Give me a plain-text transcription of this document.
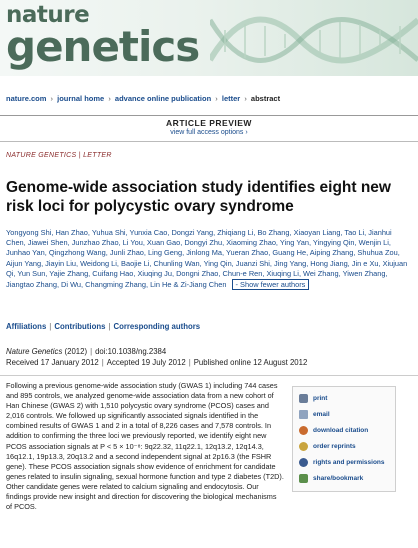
nature
genetics
nature.com › journal home › advance online publication › letter › abstract
ARTICLE PREVIEW
view full access options ›
NATURE GENETICS | LETTER
Genome-wide association study identifies eight new risk loci for polycystic ovary syndrome
Yongyong Shi, Han Zhao, Yuhua Shi, Yunxia Cao, Dongzi Yang, Zhiqiang Li, Bo Zhang, Xiaoyan Liang, Tao Li, Jianhui Chen, Jiawei Shen, Junzhao Zhao, Li You, Xuan Gao, Dongyi Zhu, Xiaoming Zhao, Ying Yan, Yingying Qin, Wenjin Li, Junhao Yan, Qingzhong Wang, Junli Zhao, Ling Geng, Jinlong Ma, Yueran Zhao, Guang He, Aiping Zhang, Shuhua Zou, Aijun Yang, Jiayin Liu, Weidong Li, Baojie Li, Chunling Wan, Ying Qin, Juanzi Shi, Jing Yang, Hong Jiang, Jin e Xu, Xiujuan Qi, Yun Sun, Yajie Zhang, Cuifang Hao, Xiuqing Ju, Dongni Zhao, Chun-e Ren, Xiuqing Li, Wei Zhang, Yiwen Zhang, Jiangtao Zhang, Di Wu, Changming Zhang, Lin He & Zi-Jiang Chen - Show fewer authors
Affiliations | Contributions | Corresponding authors
Nature Genetics (2012) | doi:10.1038/ng.2384
Received 17 January 2012 | Accepted 19 July 2012 | Published online 12 August 2012

Following a previous genome-wide association study (GWAS 1) including 744 cases and 895 controls, we analyzed genome-wide association data from a new cohort of Han Chinese (GWAS 2) with 1,510 polycystic ovary syndrome (PCOS) cases and 2,016 controls. We followed up significantly associated signals identified in the combined results of GWAS 1 and 2 in a total of 8,226 cases and 7,578 controls. In addition to confirming the three loci we previously reported, we identify eight new PCOS association signals at P < 5 × 10⁻⁸: 9q22.32, 11q22.1, 12q13.2, 12q14.3, 16q12.1, 19p13.3, 20q13.2 and a second independent signal at 2p16.3 (the FSHR gene). These PCOS association signals show evidence of enrichment for candidate genes related to insulin signaling, sexual hormone function and type 2 diabetes (T2D). Other candidate genes were related to calcium signaling and endocytosis. Our findings provide new insight and direction for discovering the biological mechanisms of PCOS.

print
email
download citation
order reprints
rights and permissions
share/bookmark
